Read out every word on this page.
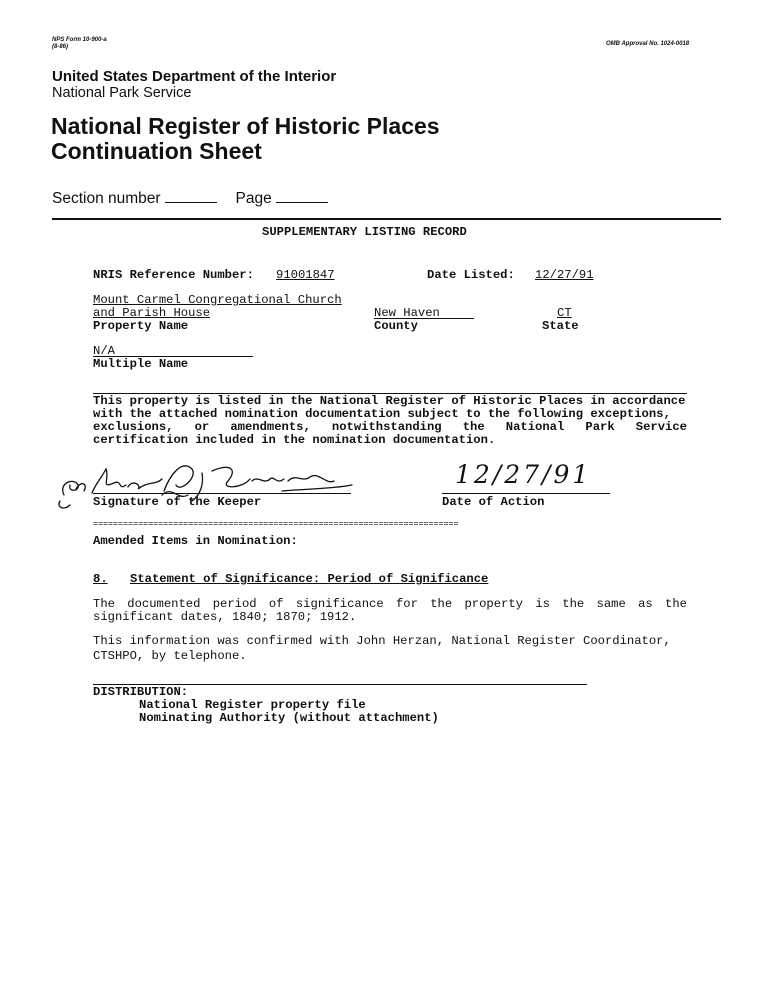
NPS Form 10-900-a
(8-86)	OMB Approval No. 1024-0018
United States Department of the Interior
National Park Service
National Register of Historic Places
Continuation Sheet
Section number	Page
SUPPLEMENTARY LISTING RECORD
NRIS Reference Number: 91001847	Date Listed: 12/27/91
Mount Carmel Congregational Church
and Parish House
Property Name
New Haven
County
CT
State
N/A
Multiple Name
This property is listed in the National Register of Historic Places in accordance
with the attached nomination documentation subject to the following exceptions,
exclusions, or amendments, notwithstanding the National Park Service
certification included in the nomination documentation.
for Beth L. Savage
Signature of the Keeper
12/27/91
Date of Action
=========================================================================
Amended Items in Nomination:
8. Statement of Significance: Period of Significance
The documented period of significance for the property is the same as the
significant dates, 1840; 1870; 1912.
This information was confirmed with John Herzan, National Register Coordinator,
CTSHPO, by telephone.
DISTRIBUTION:
National Register property file
Nominating Authority (without attachment)
